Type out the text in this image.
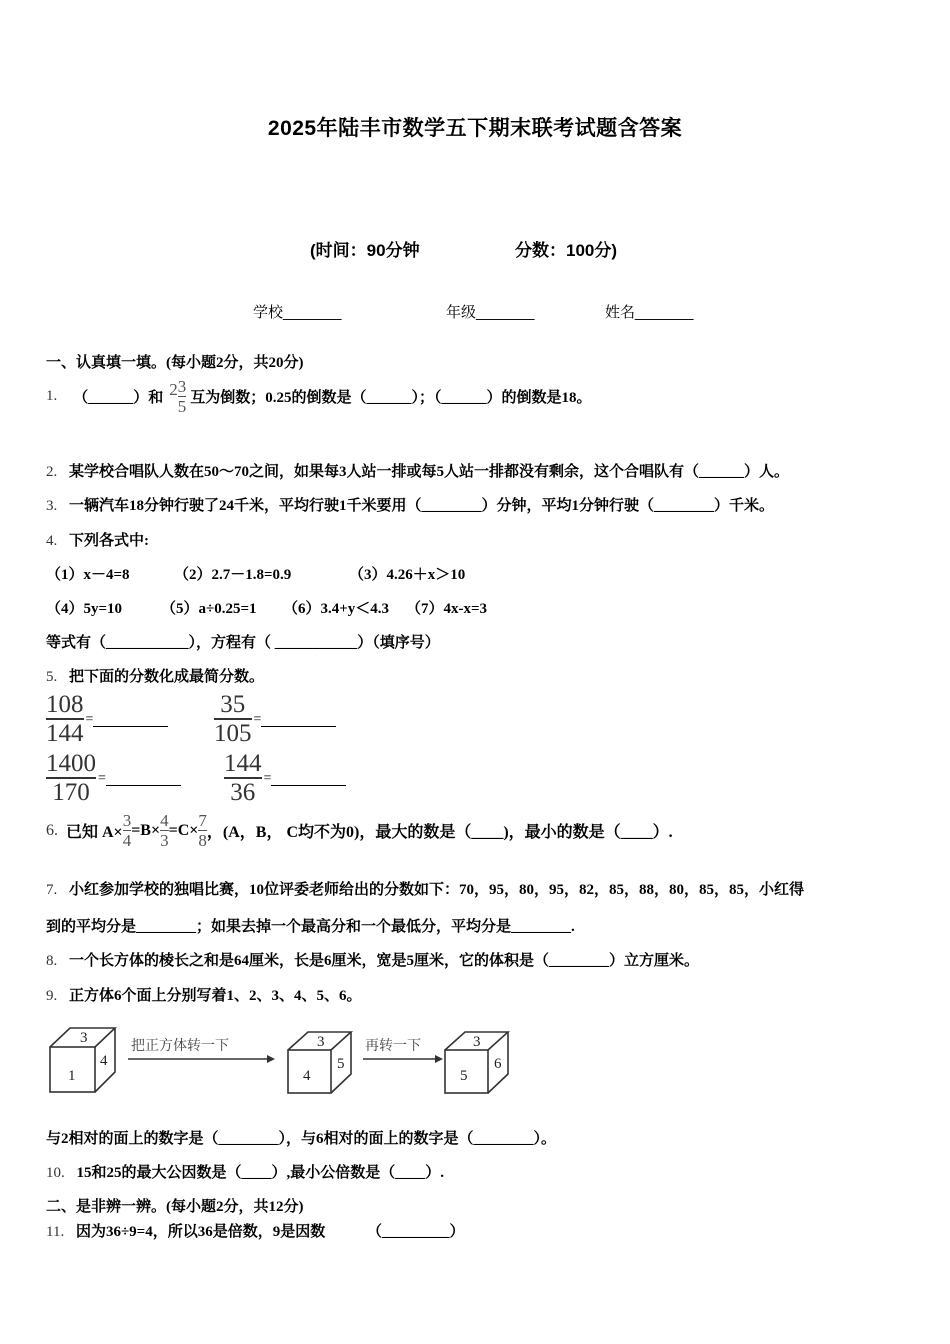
2025年陆丰市数学五下期末联考试题含答案
(时间：90分钟	分数：100分)
学校_______	年级_______	姓名_______
一、认真填一填。(每小题2分，共20分)
1. （______）和 $2 \frac{3}{5}$ 互为倒数；0.25的倒数是（______）；（______）的倒数是18。
2. 某学校合唱队人数在50～70之间，如果每3人站一排或每5人站一排都没有剩余，这个合唱队有（______）人。
3. 一辆汽车18分钟行驶了24千米，平均行驶1千米要用（________）分钟，平均1分钟行驶（________）千米。
4. 下列各式中:
（1）x－4=8	（2）2.7－1.8=0.9	（3）4.26＋x＞10
（4）5y=10	（5）a÷0.25=1 （6）3.4+y＜4.3 （7）4x-x=3
等式有（___________），方程有（ ___________）（填序号）
5. 把下面的分数化成最简分数。
$\frac{108}{144}$ =	$\frac{35}{105}$ =
$\frac{1400}{170}$ =	$\frac{144}{36}$ =
6. 已知 $A\times \frac{3}{4} =B\times \frac{4}{3} =C\times \frac{7}{8}$ ，(A，B， C均不为0)，最大的数是（____)，最小的数是（____）.
7. 小红参加学校的独唱比赛，10位评委老师给出的分数如下：70，95，80，95，82，85，88，80，85，85，小红得
到的平均分是________；如果去掉一个最高分和一个最低分，平均分是________.
8. 一个长方体的棱长之和是64厘米，长是6厘米，宽是5厘米，它的体积是（________）立方厘米。
9. 正方体6个面上分别写着1、2、3、4、5、6。
1
3
4
把正方体转一下
4
3
5
再转一下
5
3
6
与2相对的面上的数字是（________），与6相对的面上的数字是（________）。
10. 15和25的最大公因数是（____）,最小公倍数是（____）.
二、是非辨一辨。(每小题2分，共12分)
11. 因为36÷9=4，所以36是倍数，9是因数	（_________）
